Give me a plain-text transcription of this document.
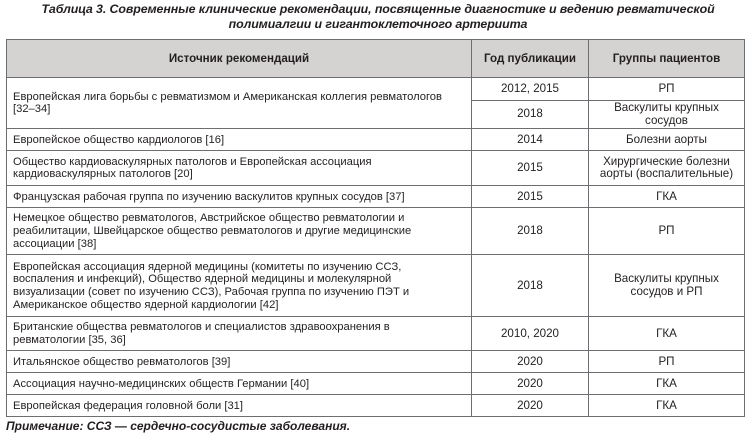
Таблица 3. Современные клинические рекомендации, посвященные диагностике и ведению ревматической полимиалгии и гигантоклеточного артериита
Источник рекомендаций	Год публикации	Группы пациентов
Европейская лига борьбы с ревматизмом и Американская коллегия ревматологов [32–34]	2012, 2015	РП
	2018	Васкулиты крупных сосудов
Европейское общество кардиологов [16]	2014	Болезни аорты
Общество кардиоваскулярных патологов и Европейская ассоциация кардиоваскулярных патологов [20]	2015	Хирургические болезни аорты (воспалительные)
Французская рабочая группа по изучению васкулитов крупных сосудов [37]	2015	ГКА
Немецкое общество ревматологов, Австрийское общество ревматологии и реабилитации, Швейцарское общество ревматологов и другие медицинские ассоциации [38]	2018	РП
Европейская ассоциация ядерной медицины (комитеты по изучению ССЗ, воспаления и инфекций), Общество ядерной медицины и молекулярной визуализации (совет по изучению ССЗ), Рабочая группа по изучению ПЭТ и Американское общество ядерной кардиологии [42]	2018	Васкулиты крупных сосудов и РП
Британские общества ревматологов и специалистов здравоохранения в ревматологии [35, 36]	2010, 2020	ГКА
Итальянское общество ревматологов [39]	2020	РП
Ассоциация научно-медицинских обществ Германии [40]	2020	ГКА
Европейская федерация головной боли [31]	2020	ГКА
Примечание: ССЗ — сердечно-сосудистые заболевания.
